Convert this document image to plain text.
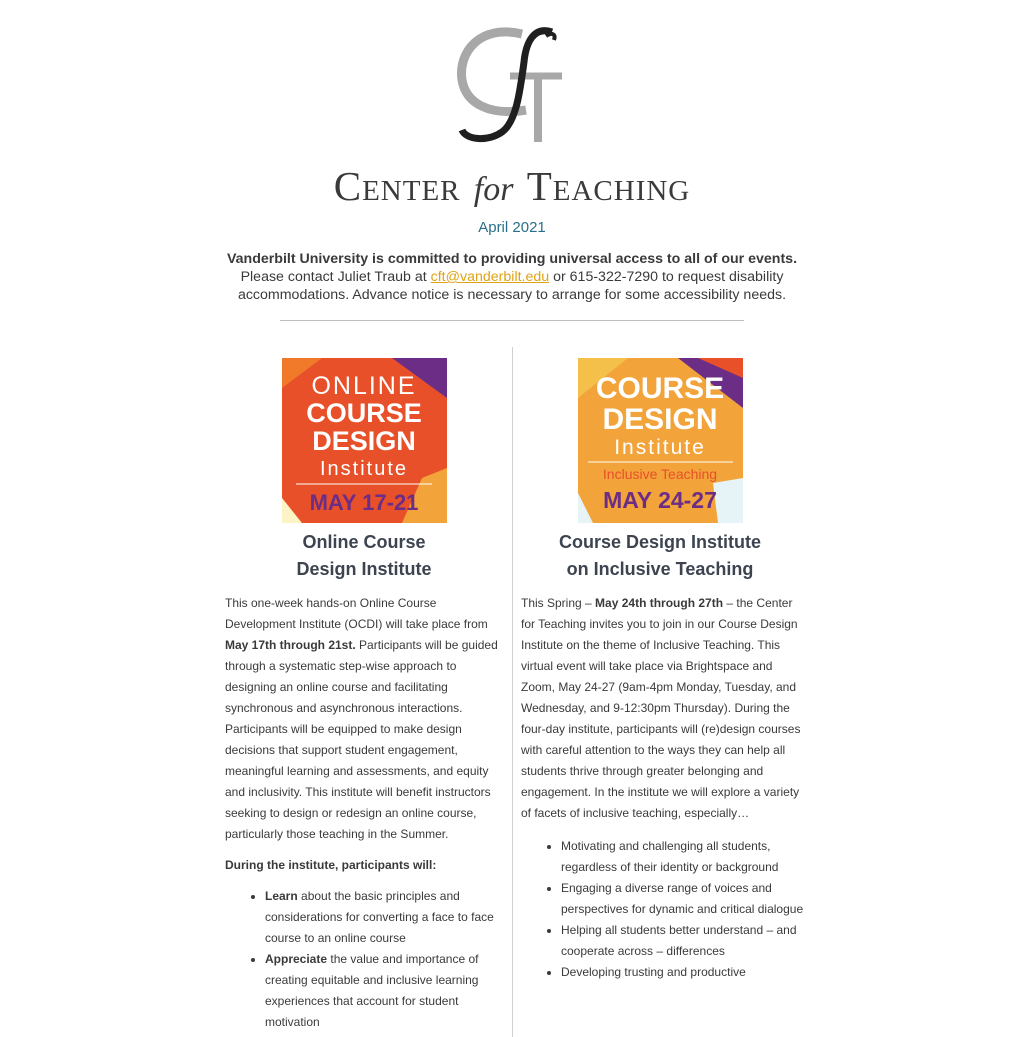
Center for Teaching
April 2021
Vanderbilt University is committed to providing universal access to all of our events.
Please contact Juliet Traub at cft@vanderbilt.edu or 615-322-7290 to request disability accommodations. Advance notice is necessary to arrange for some accessibility needs.
ONLINE
COURSE
DESIGN
Institute
MAY 17-21
Online Course
Design Institute
This one-week hands-on Online Course Development Institute (OCDI) will take place from May 17th through 21st. Participants will be guided through a systematic step-wise approach to designing an online course and facilitating synchronous and asynchronous interactions. Participants will be equipped to make design decisions that support student engagement, meaningful learning and assessments, and equity and inclusivity. This institute will benefit instructors seeking to design or redesign an online course, particularly those teaching in the Summer.
During the institute, participants will:
• Learn about the basic principles and considerations for converting a face to face course to an online course
• Appreciate the value and importance of creating equitable and inclusive learning experiences that account for student motivation
COURSE
DESIGN
Institute
Inclusive Teaching
MAY 24-27
Course Design Institute
on Inclusive Teaching
This Spring – May 24th through 27th – the Center for Teaching invites you to join in our Course Design Institute on the theme of Inclusive Teaching. This virtual event will take place via Brightspace and Zoom, May 24-27 (9am-4pm Monday, Tuesday, and Wednesday, and 9-12:30pm Thursday). During the four-day institute, participants will (re)design courses with careful attention to the ways they can help all students thrive through greater belonging and engagement. In the institute we will explore a variety of facets of inclusive teaching, especially…
• Motivating and challenging all students, regardless of their identity or background
• Engaging a diverse range of voices and perspectives for dynamic and critical dialogue
• Helping all students better understand – and cooperate across – differences
• Developing trusting and productive
